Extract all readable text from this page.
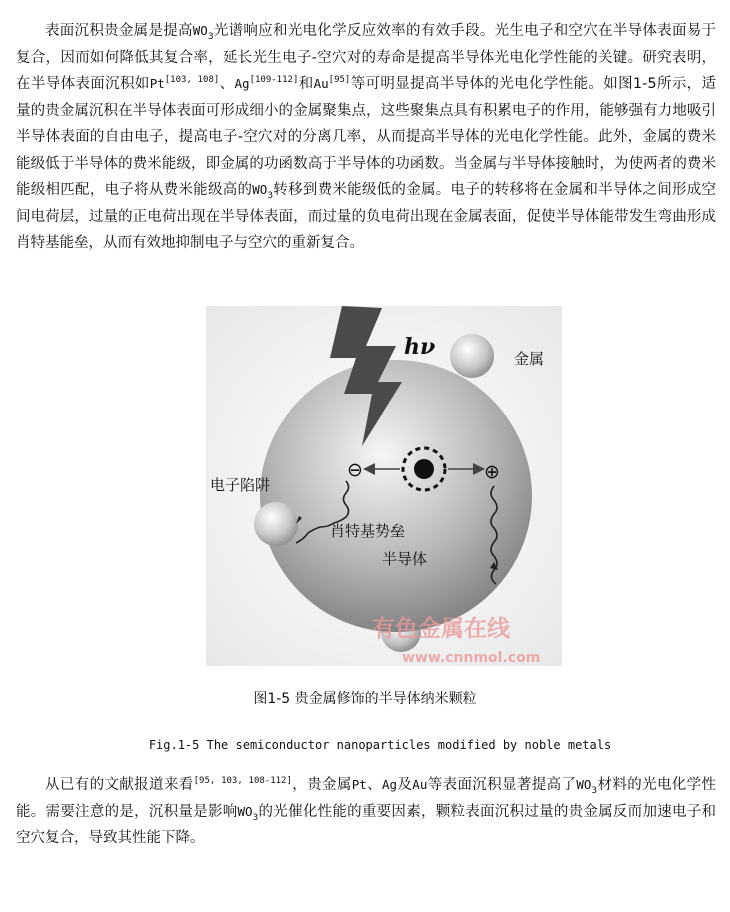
表面沉积贵金属是提高$WO_3$光谱响应和光电化学反应效率的有效手段。光生电子和空穴在半导体表面易于复合，因而如何降低其复合率，延长光生电子-空穴对的寿命是提高半导体光电化学性能的关键。研究表明，在半导体表面沉积如Pt[103, 108]、Ag[109-112]和Au[95]等可明显提高半导体的光电化学性能。如图1-5所示，适量的贵金属沉积在半导体表面可形成细小的金属聚集点，这些聚集点具有积累电子的作用，能够强有力地吸引半导体表面的自由电子，提高电子-空穴对的分离几率，从而提高半导体的光电化学性能。此外，金属的费米能级低于半导体的费米能级，即金属的功函数高于半导体的功函数。当金属与半导体接触时，为使两者的费米能级相匹配，电子将从费米能级高的$WO_3$转移到费米能级低的金属。电子的转移将在金属和半导体之间形成空间电荷层，过量的正电荷出现在半导体表面，而过量的负电荷出现在金属表面，促使半导体能带发生弯曲形成肖特基能垒，从而有效地抑制电子与空穴的重新复合。

hν	金属
电子陷阱
肖特基势垒
半导体
⊖	⊕
有色金属在线
www.cnnmol.com
图1-5 贵金属修饰的半导体纳米颗粒
Fig.1-5 The semiconductor nanoparticles modified by noble metals

从已有的文献报道来看[95, 103, 108-112]，贵金属Pt、Ag及Au等表面沉积显著提高了$WO_3$材料的光电化学性能。需要注意的是，沉积量是影响$WO_3$的光催化性能的重要因素，颗粒表面沉积过量的贵金属反而加速电子和空穴复合，导致其性能下降。
